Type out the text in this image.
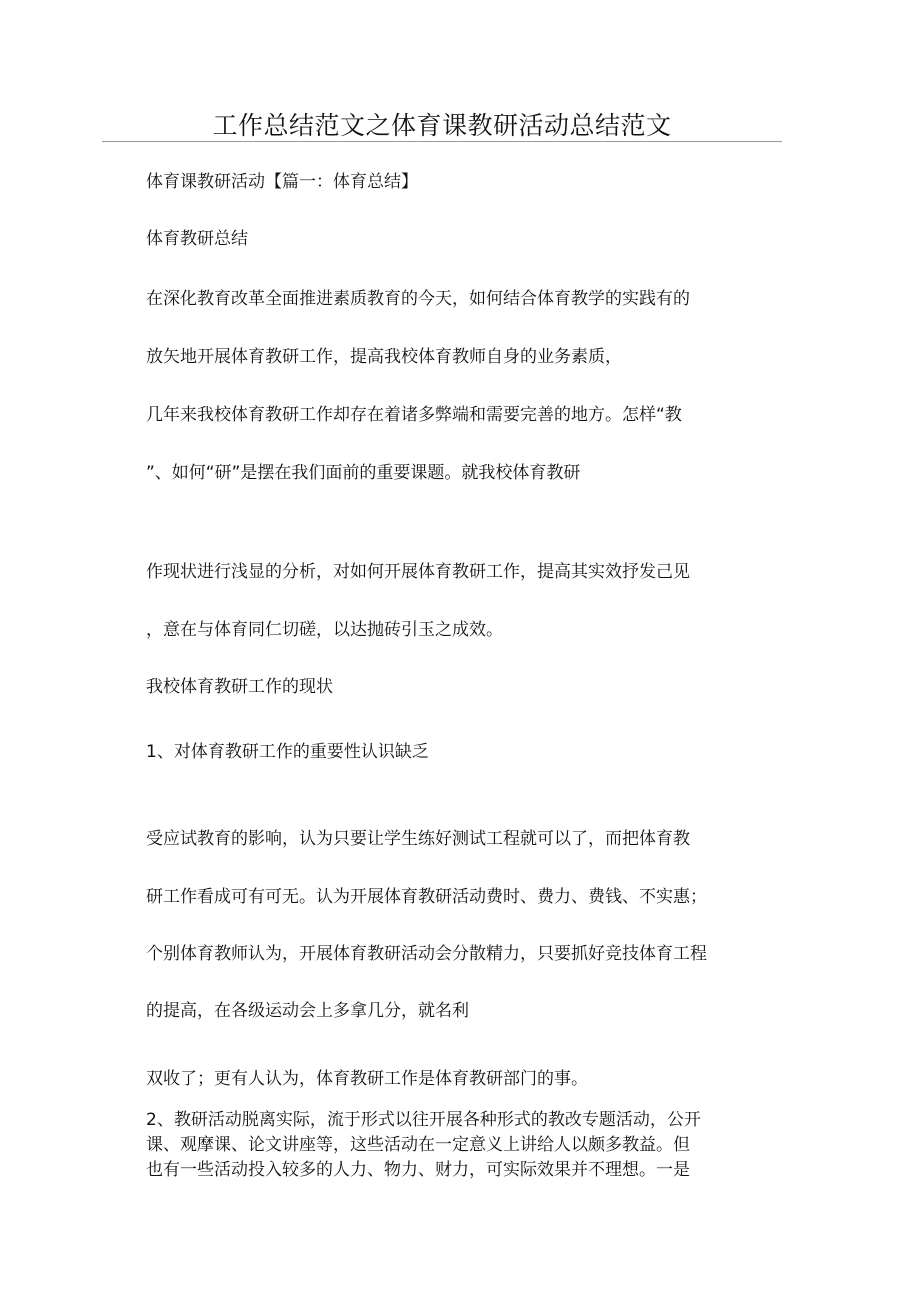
工作总结范文之体育课教研活动总结范文
体育课教研活动【篇一：体育总结】
体育教研总结
在深化教育改革全面推进素质教育的今天，如何结合体育教学的实践有的
放矢地开展体育教研工作，提高我校体育教师自身的业务素质，
几年来我校体育教研工作却存在着诸多弊端和需要完善的地方。怎样“教
”、如何“研”是摆在我们面前的重要课题。就我校体育教研
作现状进行浅显的分析，对如何开展体育教研工作，提高其实效抒发己见
，意在与体育同仁切磋，以达抛砖引玉之成效。
我校体育教研工作的现状
1、对体育教研工作的重要性认识缺乏
受应试教育的影响，认为只要让学生练好测试工程就可以了，而把体育教
研工作看成可有可无。认为开展体育教研活动费时、费力、费钱、不实惠；
个别体育教师认为，开展体育教研活动会分散精力，只要抓好竞技体育工程
的提高，在各级运动会上多拿几分，就名利
双收了；更有人认为，体育教研工作是体育教研部门的事。
2、教研活动脱离实际，流于形式以往开展各种形式的教改专题活动，公开
课、观摩课、论文讲座等，这些活动在一定意义上讲给人以颇多教益。但
也有一些活动投入较多的人力、物力、财力，可实际效果并不理想。一是
